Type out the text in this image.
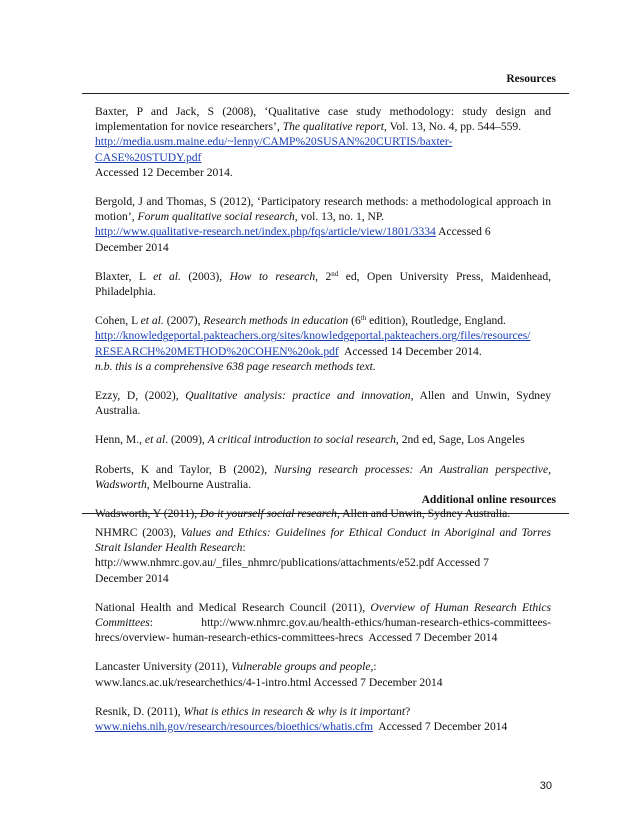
Resources
Baxter, P and Jack, S (2008), ‘Qualitative case study methodology: study design and implementation for novice researchers’, The qualitative report, Vol. 13, No. 4, pp. 544–559.
http://media.usm.maine.edu/~lenny/CAMP%20SUSAN%20CURTIS/baxter-CASE%20STUDY.pdf
Accessed 12 December 2014.
Bergold, J and Thomas, S (2012), ‘Participatory research methods: a methodological approach in motion’, Forum qualitative social research, vol. 13, no. 1, NP.
http://www.qualitative-research.net/index.php/fqs/article/view/1801/3334 Accessed 6
December 2014
Blaxter, L et al. (2003), How to research, 2nd ed, Open University Press, Maidenhead, Philadelphia.
Cohen, L et al. (2007), Research methods in education (6th edition), Routledge, England.
http://knowledgeportal.pakteachers.org/sites/knowledgeportal.pakteachers.org/files/resources/
RESEARCH%20METHOD%20COHEN%20ok.pdf Accessed 14 December 2014.
n.b. this is a comprehensive 638 page research methods text.
Ezzy, D, (2002), Qualitative analysis: practice and innovation, Allen and Unwin, Sydney Australia.
Henn, M., et al. (2009), A critical introduction to social research, 2nd ed, Sage, Los Angeles
Roberts, K and Taylor, B (2002), Nursing research processes: An Australian perspective, Wadsworth, Melbourne Australia.
Wadsworth, Y (2011), Do it yourself social research, Allen and Unwin, Sydney Australia.
Additional online resources
NHMRC (2003), Values and Ethics: Guidelines for Ethical Conduct in Aboriginal and Torres Strait Islander Health Research:
http://www.nhmrc.gov.au/_files_nhmrc/publications/attachments/e52.pdf Accessed 7
December 2014
National Health and Medical Research Council (2011), Overview of Human Research Ethics Committees:	http://www.nhmrc.gov.au/health-ethics/human-research-ethics-committees-
hrecs/overview- human-research-ethics-committees-hrecs Accessed 7 December 2014
Lancaster University (2011), Vulnerable groups and people,:
www.lancs.ac.uk/researchethics/4-1-intro.html Accessed 7 December 2014
Resnik, D. (2011), What is ethics in research & why is it important?
www.niehs.nih.gov/research/resources/bioethics/whatis.cfm Accessed 7 December 2014
30
